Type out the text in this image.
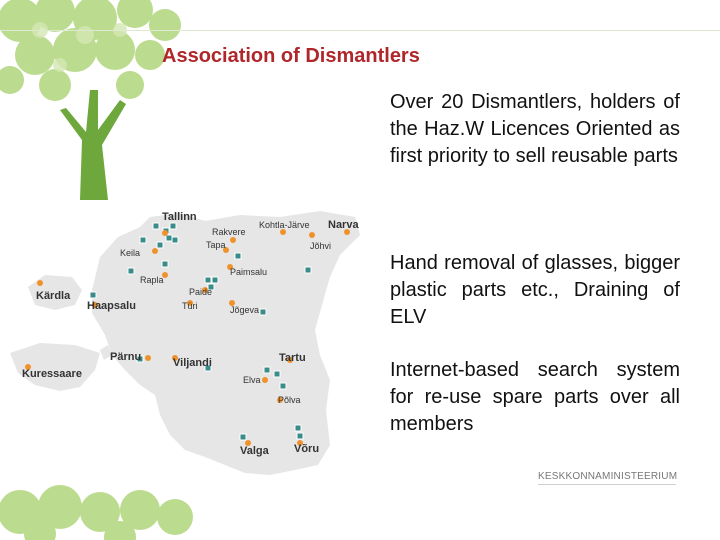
Association of Dismantlers
Tallinn
Rakvere
Kohtla-Järve Narva
Keila
Tapa	Jõhvi
Rapla
Paide
Türi
Paimsalu
Kärdla
Haapsalu	Jõgeva
Pärnu	Viljandi	Tartu
Kuressaare	Elva
Põlva
Valga Võru
Over 20 Dismantlers, holders of the Haz.W Licences Oriented as first priority to sell reusable parts
Hand removal of glasses, bigger plastic parts etc., Draining of ELV
Internet-based search system for re-use spare parts over all members
KESKKONNAMINISTEERIUM
